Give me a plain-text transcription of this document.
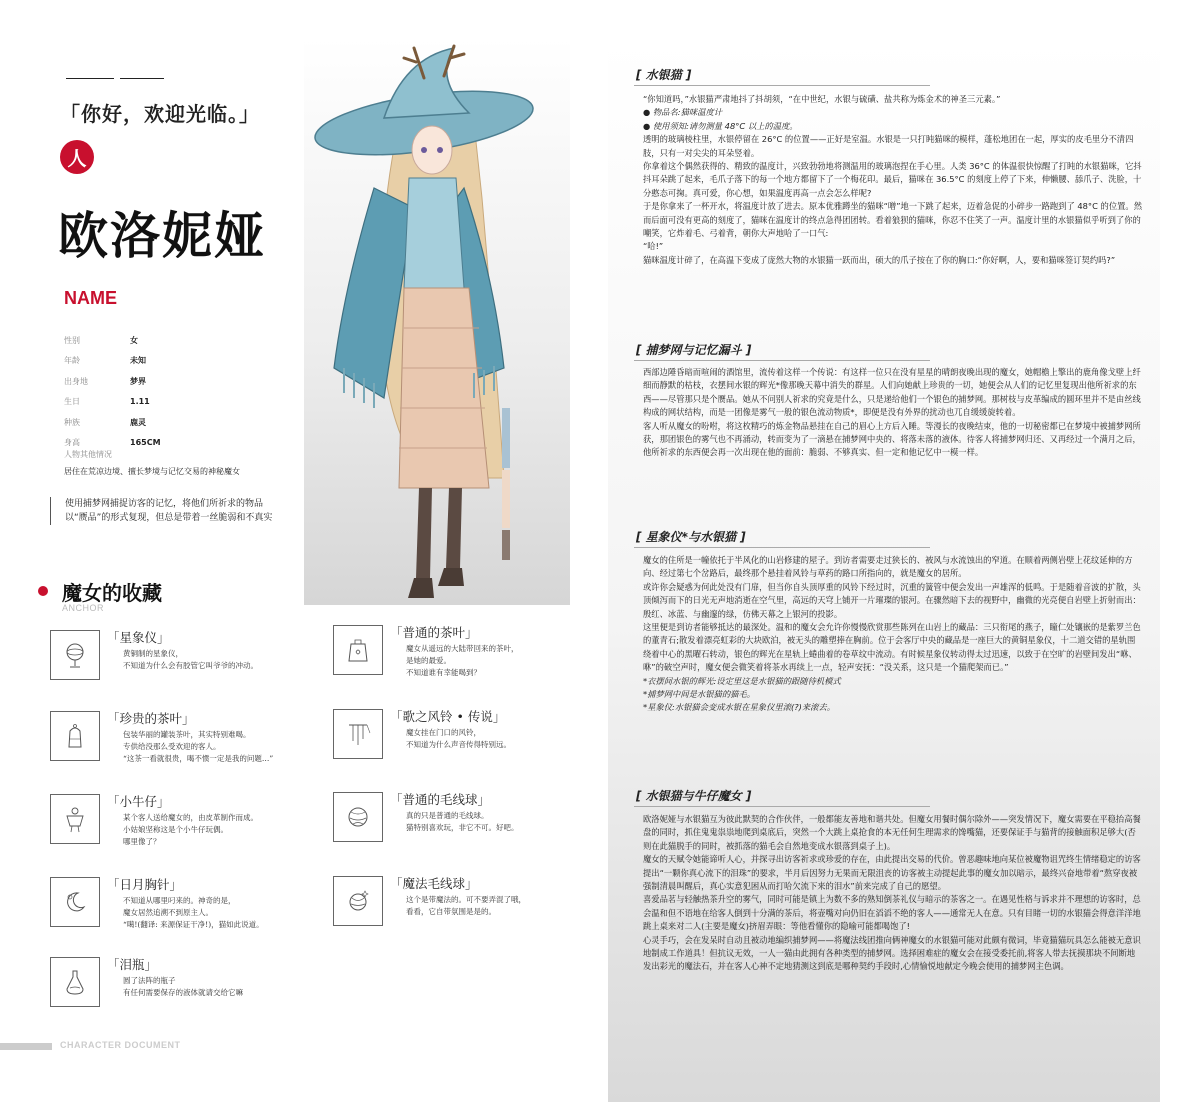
「你好，欢迎光临。」
人
欧洛妮娅
NAME
性别	女
年龄	未知
出身地	梦界
生日	1.11
种族	鹿灵
身高	165CM
人物其他情况
居住在荒凉边境、擅长梦境与记忆交易的神秘魔女
使用捕梦网捕捉访客的记忆，将他们所祈求的物品以“赝品”的形式复现，但总是带着一丝脆弱和不真实
魔女的收藏
ANCHOR
「星象仪」
黄铜制的星象仪，
不知道为什么会有胶管它叫爷爷的冲动。
「普通的茶叶」
魔女从遥远的大陆带回来的茶叶，
是她的最爱。
不知道谁有幸能喝到？
「珍贵的茶叶」
包装华丽的罐装茶叶，其实特别难喝。
专供给没那么受欢迎的客人。
“这茶一看就很贵，喝不惯一定是我的问题…”
「歌之风铃 • 传说」
魔女挂在门口的风铃，
不知道为什么声音传得特别远。
「小牛仔」
某个客人送给魔女的，由皮革制作而成。
小姑娘坚称这是个小牛仔玩偶。
哪里像了？
「普通的毛线球」
真的只是普通的毛线球。
猫特别喜欢玩，非它不可。好吧。
「日月胸针」
不知道从哪里叼来的。神奇的是，
魔女居然追溯不到原主人。
“噶!(翻译: 来源保证干净!)，猫如此说道。
「魔法毛线球」
这个是带魔法的。可不要弄混了哦，
看看，它自带氛围是是的。
「泪瓶」
圆了法阵的瓶子
有任何需要保存的液体就请交给它嘛
CHARACTER DOCUMENT
[ 水银猫 ]

“你知道吗，”水银猫严肃地抖了抖胡须，“在中世纪，水银与硫磺、盐共称为炼金术的神圣三元素。”

● 物品名:猫咪温度计

● 使用须知:请勿测量 48°C 以上的温度。

透明的玻璃棱柱里，水银停留在 26°C 的位置——正好是室温。水银是一只打盹猫咪的模样，蓬松地团在一起，厚实的皮毛里分不清四肢，只有一对尖尖的耳朵竖着。

你拿着这个偶然获得的、精致的温度计，兴致勃勃地将测温用的玻璃泡捏在手心里。人类 36°C 的体温很快惊醒了打盹的水银猫咪，它抖抖耳朵跳了起来，毛爪子落下的每一个地方都留下了一个梅花印。最后，猫咪在 36.5°C 的刻度上停了下来，伸懒腰、舔爪子、洗脸，十分憨态可掬。真可爱，你心想，如果温度再高一点会怎么样呢?

于是你拿来了一杯开水，将温度计放了进去。原本优雅蹲坐的猫咪“噌”地一下跳了起来，迈着急促的小碎步一路跑到了 48°C 的位置。然而后面可没有更高的刻度了，猫咪在温度计的终点急得团团转。看着狼狈的猫咪，你忍不住笑了一声。温度计里的水银猫似乎听到了你的嘲笑，它炸着毛、弓着背，朝你大声地哈了一口气:

“哈!”

猫咪温度计碎了，在高温下变成了庞然大物的水银猫一跃而出，硕大的爪子按在了你的胸口:“你好啊，人，要和猫咪签订契约吗?”

[ 捕梦网与记忆漏斗 ]

西部边陲昏暗而喧闹的酒馆里，流传着这样一个传说：有这样一位只在没有星星的晴朗夜晚出现的魔女，她帽檐上擎出的鹿角像戈壁上纤细而静默的枯枝，衣摆间水银的辉光*像那晚天幕中消失的群星。人们向她献上珍贵的一切，她便会从人们的记忆里复现出他所祈求的东西——尽管那只是个赝品。她从不问别人祈求的究竟是什么，只是递给他们一个银色的捕梦网。那树枝与皮革编成的圆环里并不是由丝线构成的网状结构，而是一团像是雾气一般的银色流动物质*，即便是没有外界的扰动也兀自缓缓旋转着。

客人听从魔女的吩咐，将这枚精巧的炼金物品悬挂在自己的眉心上方后入睡。等漫长的夜晚结束，他的一切秘密都已在梦境中被捕梦网所获，那团银色的雾气也不再涌动，转而变为了一滴悬在捕梦网中央的、将落未落的液体。待客人将捕梦网归还、又再经过一个满月之后，他所祈求的东西便会再一次出现在他的面前：脆弱、不够真实、但一定和他记忆中一模一样。

[ 星象仪*与水银猫 ]

魔女的住所是一幢依托于半风化的山岩修建的屋子。到访者需要走过狭长的、被风与水流蚀出的窄道。在顺着两侧岩壁上花纹延伸的方向、经过第七个岔路后，最终那个悬挂着风铃与草药的路口所指向的，就是魔女的居所。

或许你会疑惑为何此处没有门扉，但当你自头顶厚重的风铃下经过时，沉重的簧管中便会发出一声雄浑的低鸣。于是随着音波的扩散，头顶倾泻而下的日光无声地消逝在空气里，高远的天穹上铺开一片璀璨的银河。在骤然暗下去的视野中，幽微的光亮便自岩壁上折射而出：殷红、冰蓝、与幽邃的绿，仿佛天幕之上银河的投影。

这里便是到访者能够抵达的最深处。温和的魔女会允许你慢慢欣赏那些陈列在山岩上的藏品：三只衔尾的燕子，瞳仁处镶嵌的是紫罗兰色的董青石;散发着漂亮虹彩的大块欧泊，被无头的雕塑捧在胸前。位于会客厅中央的藏品是一座巨大的黄铜星象仪，十二道交错的星轨围绕着中心的黑曜石转动，银色的辉光在星轨上蜷曲着的卷草纹中流动。有时候星象仪转动得太过迅速，以致于在空旷的岩壁间发出“咻、咻”的破空声时，魔女便会微笑着将茶水再续上一点，轻声安抚：“没关系，这只是一个猫爬架而已。”

*衣摆间水银的辉光:设定里这是水银猫的跟随待机模式

*捕梦网中间是水银猫的猫毛。

*星象仪:水银猫会变成水银在星象仪里滚(?)来滚去。

[ 水银猫与牛仔魔女 ]

欧洛妮娅与水银猫互为彼此默契的合作伙伴，一般都能友善地和谐共处。但魔女用餐时偶尔除外——突发情况下，魔女需要在平稳抬高餐盘的同时，抓住鬼鬼祟祟地爬到桌底后，突然一个大跳上桌抢食的本无任何生理需求的馋嘴猫，还要保证手与猫背的接触面积足够大(否则在此猫脱手的同时，被抓落的猫毛会自然地变成水银落到桌子上)。

魔女的天赋令她能谛听人心，并探寻出访客祈求或珍爱的存在，由此提出交易的代价。曾恶趣味地向某位被魔物诅咒终生情绪稳定的访客提出“一颗你真心流下的泪珠”的要求，半月后因努力无果而无限沮丧的访客被主动提起此事的魔女加以暗示，最终兴奋地带着“熬穿夜被强制清晨叫醒后，真心实意犯困从而打哈欠流下来的泪水”前来完成了自己的愿望。

喜爱品茗与轻触热茶升空的雾气，同时可能是镇上为数不多的熟知倒茶礼仪与暗示的茶客之一。在遇见性格与诉求并不理想的访客时，总会温和但不语地在给客人倒到十分满的茶后，将壶嘴对向仍旧在滔滔不绝的客人——通常无人在意。只有目睹一切的水银猫会得意洋洋地跳上桌来对二人(主要是魔女)挤眉弄眼：等他看懂你的隐喻可能都喝饱了!

心灵手巧，会在发呆时自动且被动地编织捕梦网——将魔法线团推向俩神魔女的水银猫可能对此颇有微词，毕竟猫猫玩具怎么能被无意识地制成工作道具！但抗议无效，一人一猫由此拥有各种类型的捕梦网。选择困难症的魔女会在接受委托前,将客人带去抚摸那块不间断地发出彩光的魔法石，并在客人心神不定地猜测这到底是哪种契约手段时,心情愉悦地献定今晚会使用的捕梦网主色调。
